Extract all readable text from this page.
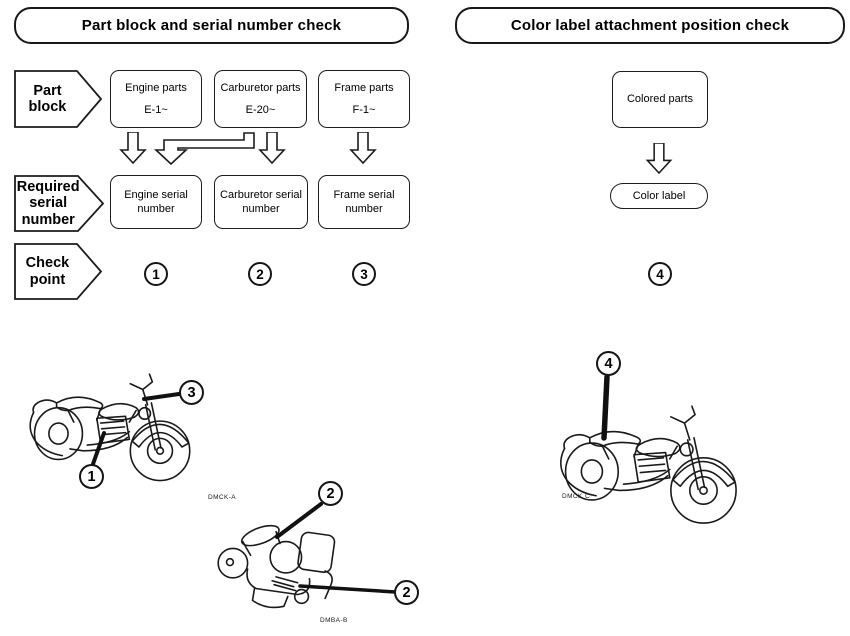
Part block and serial number check	Color label attachment position check
Part block
Engine parts
E-1~
Carburetor parts
E-20~
Frame parts
F-1~
Colored parts
Required serial number
Engine serial number
Carburetor serial number
Frame serial number
Color label
Check point	1	2	3	4
3
1
2
2
4
DMCK-A
DMBA-B
DMCK C
